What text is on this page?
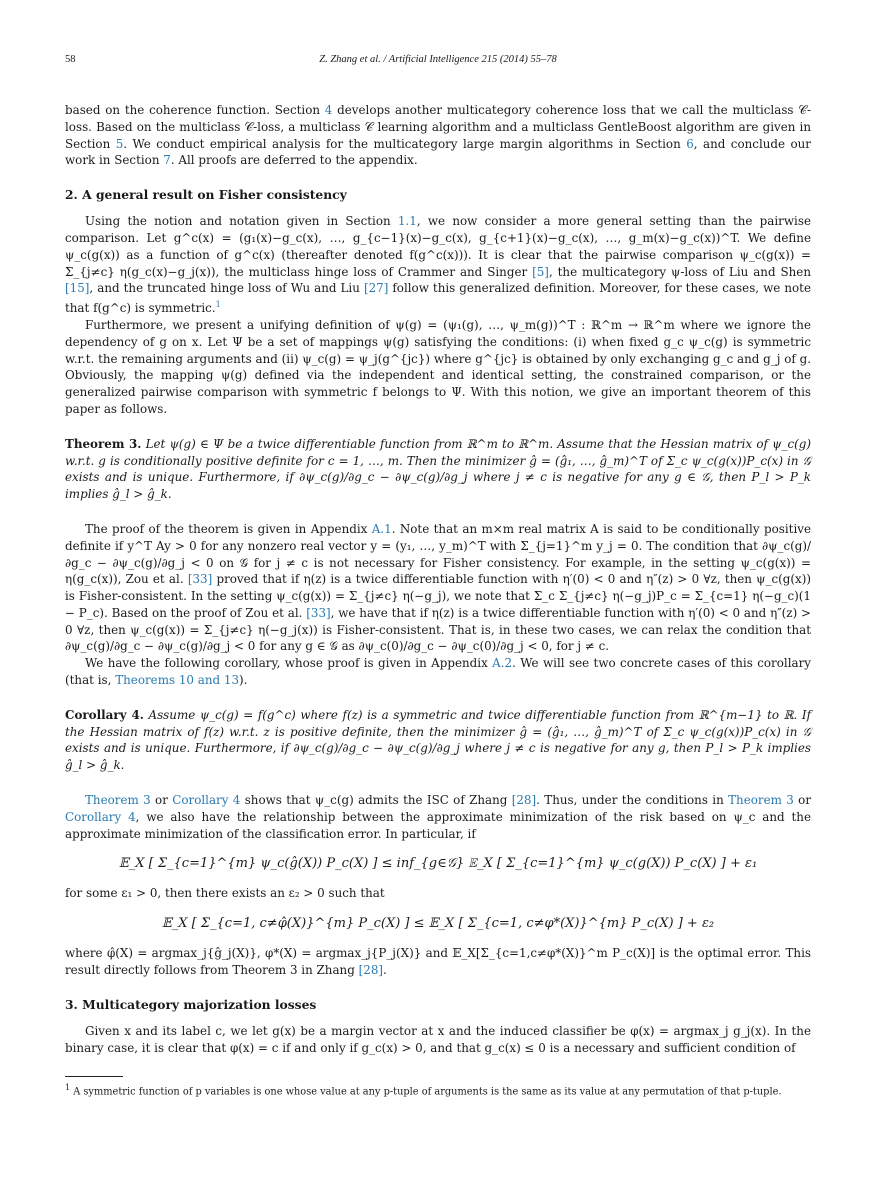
58	Z. Zhang et al. / Artificial Intelligence 215 (2014) 55–78

based on the coherence function. Section 4 develops another multicategory coherence loss that we call the multiclass 𝒞-loss. Based on the multiclass 𝒞-loss, a multiclass 𝒞 learning algorithm and a multiclass GentleBoost algorithm are given in Section 5. We conduct empirical analysis for the multicategory large margin algorithms in Section 6, and conclude our work in Section 7. All proofs are deferred to the appendix.

2. A general result on Fisher consistency

Using the notion and notation given in Section 1.1, we now consider a more general setting than the pairwise comparison. Let g^c(x) = (g₁(x)−g_c(x), …, g_{c−1}(x)−g_c(x), g_{c+1}(x)−g_c(x), …, g_m(x)−g_c(x))^T. We define ψ_c(g(x)) as a function of g^c(x) (thereafter denoted f(g^c(x))). It is clear that the pairwise comparison ψ_c(g(x)) = Σ_{j≠c} η(g_c(x)−g_j(x)), the multiclass hinge loss of Crammer and Singer [5], the multicategory ψ-loss of Liu and Shen [15], and the truncated hinge loss of Wu and Liu [27] follow this generalized definition. Moreover, for these cases, we note that f(g^c) is symmetric.$^1$

Furthermore, we present a unifying definition of ψ(g) = (ψ₁(g), …, ψ_m(g))^T : ℝ^m → ℝ^m where we ignore the dependency of g on x. Let Ψ be a set of mappings ψ(g) satisfying the conditions: (i) when fixed g_c ψ_c(g) is symmetric w.r.t. the remaining arguments and (ii) ψ_c(g) = ψ_j(g^{jc}) where g^{jc} is obtained by only exchanging g_c and g_j of g. Obviously, the mapping ψ(g) defined via the independent and identical setting, the constrained comparison, or the generalized pairwise comparison with symmetric f belongs to Ψ. With this notion, we give an important theorem of this paper as follows.

Theorem 3. Let ψ(g) ∈ Ψ be a twice differentiable function from ℝ^m to ℝ^m. Assume that the Hessian matrix of ψ_c(g) w.r.t. g is conditionally positive definite for c = 1, …, m. Then the minimizer ĝ = (ĝ₁, …, ĝ_m)^T of Σ_c ψ_c(g(x))P_c(x) in 𝒢 exists and is unique. Furthermore, if ∂ψ_c(g)/∂g_c − ∂ψ_c(g)/∂g_j where j ≠ c is negative for any g ∈ 𝒢, then P_l > P_k implies ĝ_l > ĝ_k.

The proof of the theorem is given in Appendix A.1. Note that an m×m real matrix A is said to be conditionally positive definite if y^T Ay > 0 for any nonzero real vector y = (y₁, …, y_m)^T with Σ_{j=1}^m y_j = 0. The condition that ∂ψ_c(g)/∂g_c − ∂ψ_c(g)/∂g_j < 0 on 𝒢 for j ≠ c is not necessary for Fisher consistency. For example, in the setting ψ_c(g(x)) = η(g_c(x)), Zou et al. [33] proved that if η(z) is a twice differentiable function with η′(0) < 0 and η″(z) > 0 ∀z, then ψ_c(g(x)) is Fisher-consistent. In the setting ψ_c(g(x)) = Σ_{j≠c} η(−g_j), we note that Σ_c Σ_{j≠c} η(−g_j)P_c = Σ_{c=1} η(−g_c)(1 − P_c). Based on the proof of Zou et al. [33], we have that if η(z) is a twice differentiable function with η′(0) < 0 and η″(z) > 0 ∀z, then ψ_c(g(x)) = Σ_{j≠c} η(−g_j(x)) is Fisher-consistent. That is, in these two cases, we can relax the condition that ∂ψ_c(g)/∂g_c − ∂ψ_c(g)/∂g_j < 0 for any g ∈ 𝒢 as ∂ψ_c(0)/∂g_c − ∂ψ_c(0)/∂g_j < 0, for j ≠ c.

We have the following corollary, whose proof is given in Appendix A.2. We will see two concrete cases of this corollary (that is, Theorems 10 and 13).

Corollary 4. Assume ψ_c(g) = f(g^c) where f(z) is a symmetric and twice differentiable function from ℝ^{m−1} to ℝ. If the Hessian matrix of f(z) w.r.t. z is positive definite, then the minimizer ĝ = (ĝ₁, …, ĝ_m)^T of Σ_c ψ_c(g(x))P_c(x) in 𝒢 exists and is unique. Furthermore, if ∂ψ_c(g)/∂g_c − ∂ψ_c(g)/∂g_j where j ≠ c is negative for any g, then P_l > P_k implies ĝ_l > ĝ_k.

Theorem 3 or Corollary 4 shows that ψ_c(g) admits the ISC of Zhang [28]. Thus, under the conditions in Theorem 3 or Corollary 4, we also have the relationship between the approximate minimization of the risk based on ψ_c and the approximate minimization of the classification error. In particular, if

𝔼_X [ Σ_{c=1}^{m} ψ_c(ĝ(X)) P_c(X) ] ≤ inf_{g∈𝒢} 𝔼_X [ Σ_{c=1}^{m} ψ_c(g(X)) P_c(X) ] + ε₁

for some ε₁ > 0, then there exists an ε₂ > 0 such that

𝔼_X [ Σ_{c=1, c≠φ̂(X)}^{m} P_c(X) ] ≤ 𝔼_X [ Σ_{c=1, c≠φ*(X)}^{m} P_c(X) ] + ε₂

where φ̂(X) = argmax_j{ĝ_j(X)}, φ*(X) = argmax_j{P_j(X)} and 𝔼_X[Σ_{c=1,c≠φ*(X)}^m P_c(X)] is the optimal error. This result directly follows from Theorem 3 in Zhang [28].

3. Multicategory majorization losses

Given x and its label c, we let g(x) be a margin vector at x and the induced classifier be φ(x) = argmax_j g_j(x). In the binary case, it is clear that φ(x) = c if and only if g_c(x) > 0, and that g_c(x) ≤ 0 is a necessary and sufficient condition of

$^1$ A symmetric function of p variables is one whose value at any p-tuple of arguments is the same as its value at any permutation of that p-tuple.
